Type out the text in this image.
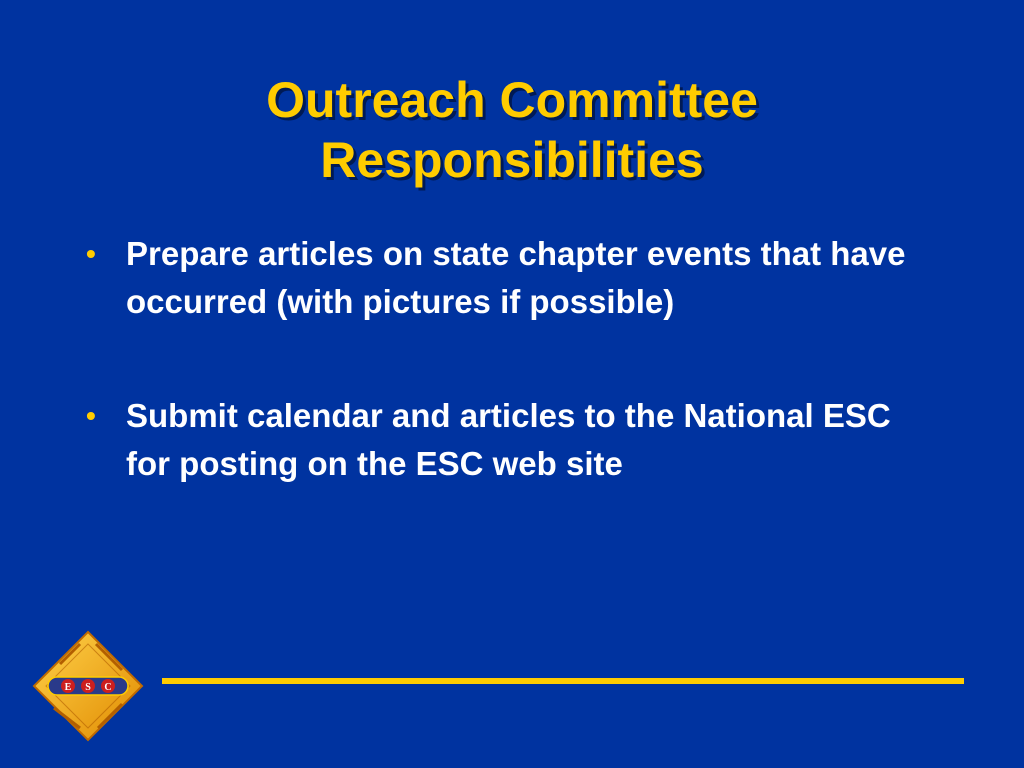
Outreach Committee
Responsibilities
• Prepare articles on state chapter events that have occurred (with pictures if possible)
• Submit calendar and articles to the National ESC for posting on the ESC web site
E S C
